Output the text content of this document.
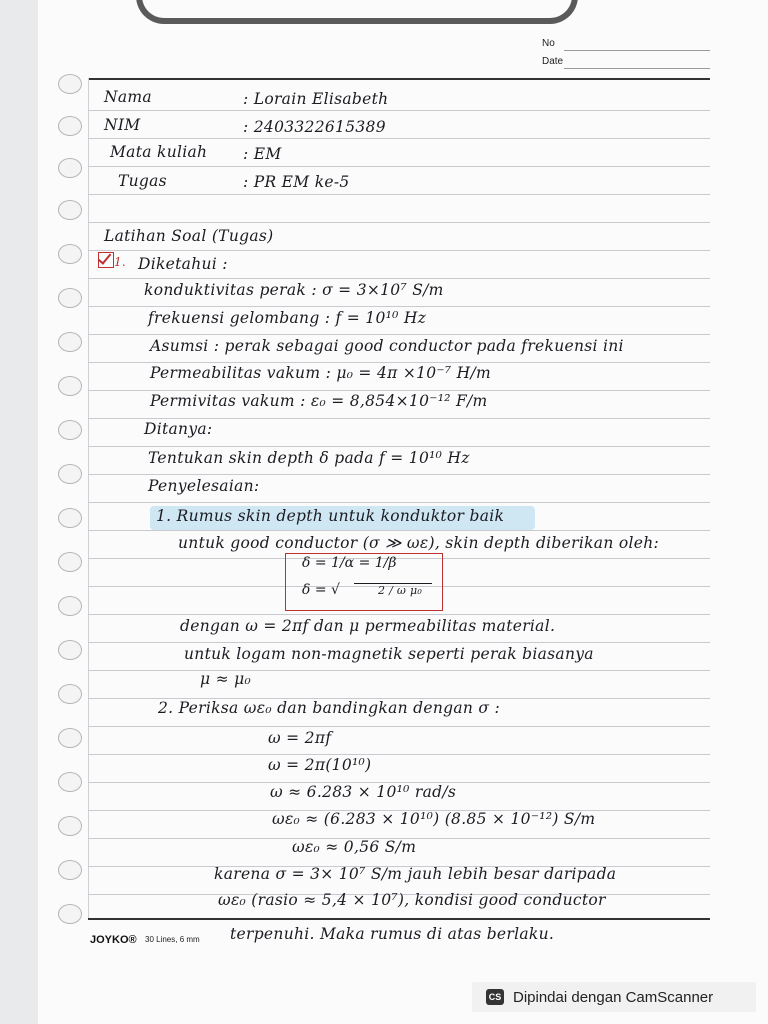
No
Date
Nama	: Lorain Elisabeth
NIM	: 2403322615389
Mata kuliah : EM
Tugas	: PR EM ke-5
Latihan Soal (Tugas)
1. Diketahui :
konduktivitas perak : σ = 3×10⁷ S/m
frekuensi gelombang : f = 10¹⁰ Hz
Asumsi : perak sebagai good conductor pada frekuensi ini
Permeabilitas vakum : μ₀ = 4π ×10⁻⁷ H/m
Permivitas vakum : ε₀ = 8,854×10⁻¹² F/m
Ditanya:
Tentukan skin depth δ pada f = 10¹⁰ Hz
Penyelesaian:
1. Rumus skin depth untuk konduktor baik
untuk good conductor (σ ≫ ωε), skin depth diberikan oleh:
δ = 1/α = 1/β
δ = √	2 / ω μ₀
dengan ω = 2πf dan μ permeabilitas material.
untuk logam non-magnetik seperti perak biasanya
μ ≈ μ₀
2. Periksa ωε₀ dan bandingkan dengan σ :
ω = 2πf
ω = 2π(10¹⁰)
ω ≈ 6.283 × 10¹⁰ rad/s
ωε₀ ≈ (6.283 × 10¹⁰) (8.85 × 10⁻¹²) S/m
ωε₀ ≈ 0,56 S/m
karena σ = 3× 10⁷ S/m jauh lebih besar daripada
ωε₀ (rasio ≈ 5,4 × 10⁷), kondisi good conductor
terpenuhi. Maka rumus di atas berlaku.
JOYKO® 30 Lines, 6 mm
CS Dipindai dengan CamScanner
